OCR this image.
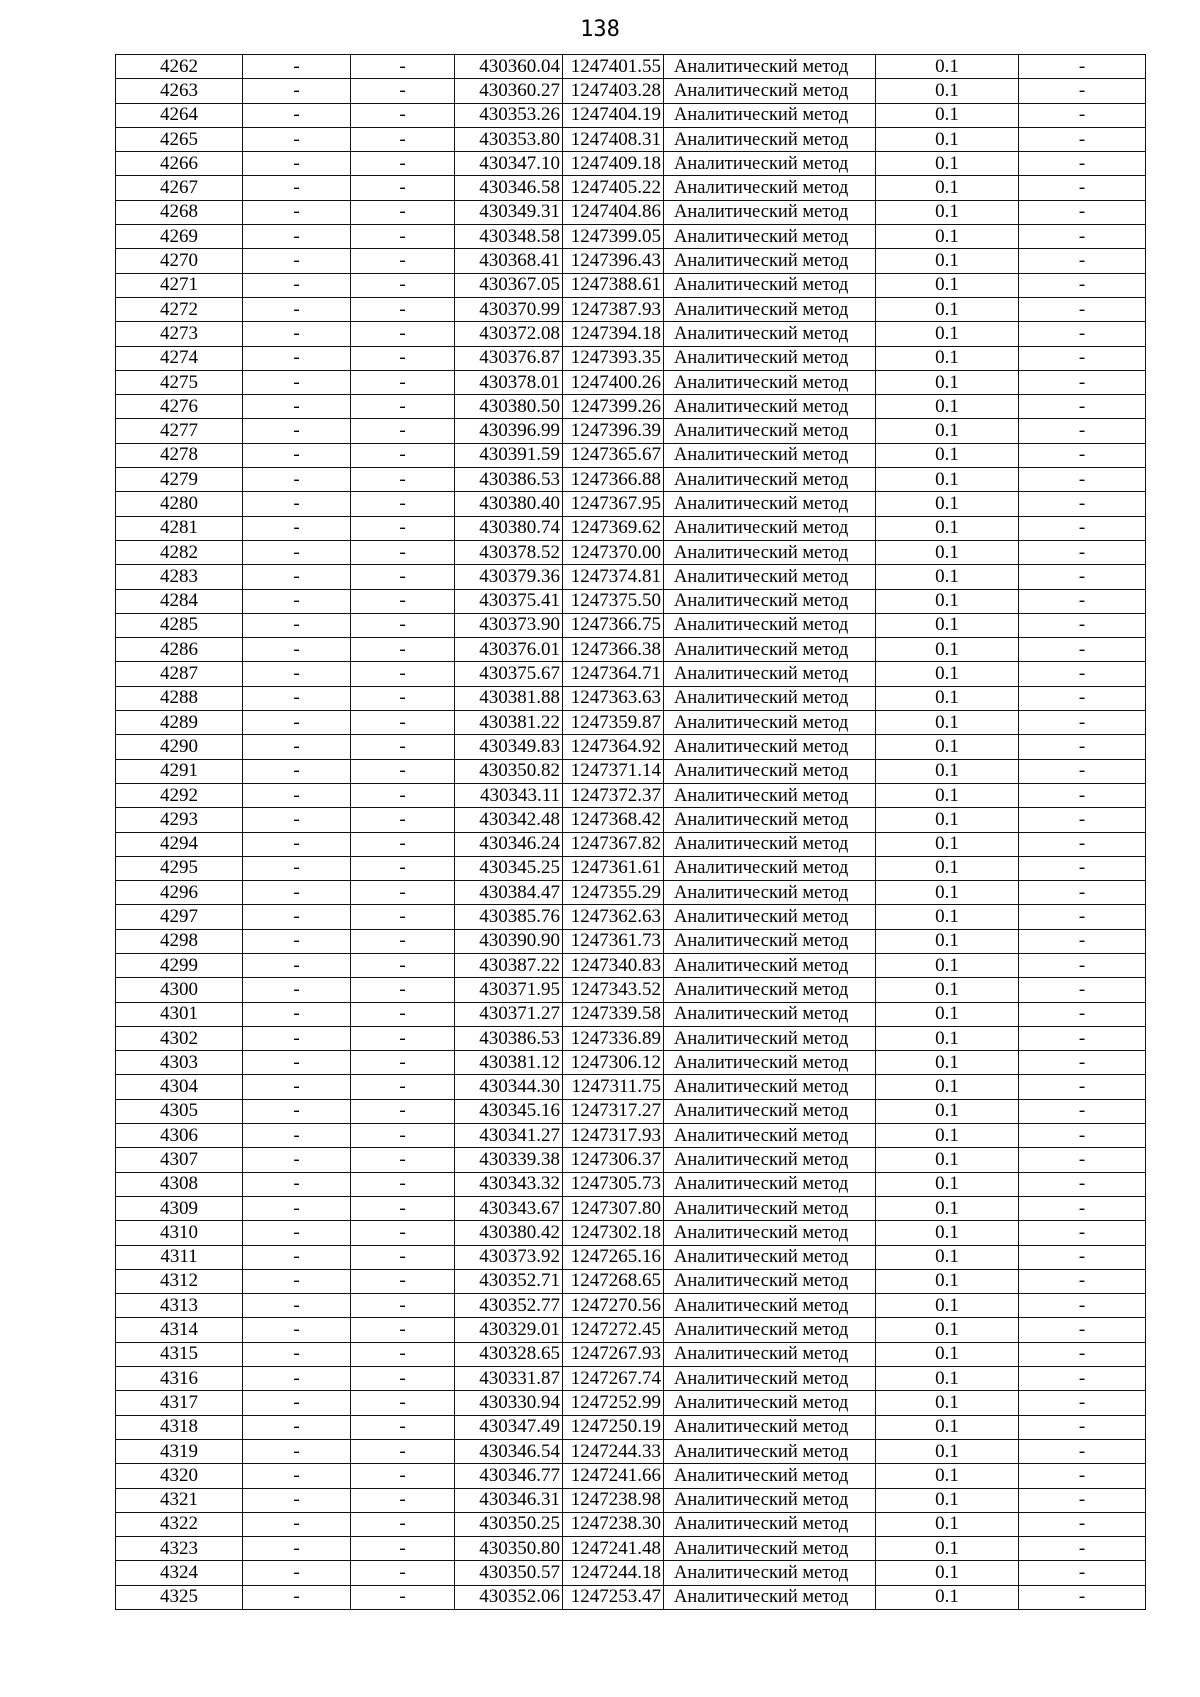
138
4262	-	-	430360.04	1247401.55	Аналитический метод	0.1	-
4263	-	-	430360.27	1247403.28	Аналитический метод	0.1	-
4264	-	-	430353.26	1247404.19	Аналитический метод	0.1	-
4265	-	-	430353.80	1247408.31	Аналитический метод	0.1	-
4266	-	-	430347.10	1247409.18	Аналитический метод	0.1	-
4267	-	-	430346.58	1247405.22	Аналитический метод	0.1	-
4268	-	-	430349.31	1247404.86	Аналитический метод	0.1	-
4269	-	-	430348.58	1247399.05	Аналитический метод	0.1	-
4270	-	-	430368.41	1247396.43	Аналитический метод	0.1	-
4271	-	-	430367.05	1247388.61	Аналитический метод	0.1	-
4272	-	-	430370.99	1247387.93	Аналитический метод	0.1	-
4273	-	-	430372.08	1247394.18	Аналитический метод	0.1	-
4274	-	-	430376.87	1247393.35	Аналитический метод	0.1	-
4275	-	-	430378.01	1247400.26	Аналитический метод	0.1	-
4276	-	-	430380.50	1247399.26	Аналитический метод	0.1	-
4277	-	-	430396.99	1247396.39	Аналитический метод	0.1	-
4278	-	-	430391.59	1247365.67	Аналитический метод	0.1	-
4279	-	-	430386.53	1247366.88	Аналитический метод	0.1	-
4280	-	-	430380.40	1247367.95	Аналитический метод	0.1	-
4281	-	-	430380.74	1247369.62	Аналитический метод	0.1	-
4282	-	-	430378.52	1247370.00	Аналитический метод	0.1	-
4283	-	-	430379.36	1247374.81	Аналитический метод	0.1	-
4284	-	-	430375.41	1247375.50	Аналитический метод	0.1	-
4285	-	-	430373.90	1247366.75	Аналитический метод	0.1	-
4286	-	-	430376.01	1247366.38	Аналитический метод	0.1	-
4287	-	-	430375.67	1247364.71	Аналитический метод	0.1	-
4288	-	-	430381.88	1247363.63	Аналитический метод	0.1	-
4289	-	-	430381.22	1247359.87	Аналитический метод	0.1	-
4290	-	-	430349.83	1247364.92	Аналитический метод	0.1	-
4291	-	-	430350.82	1247371.14	Аналитический метод	0.1	-
4292	-	-	430343.11	1247372.37	Аналитический метод	0.1	-
4293	-	-	430342.48	1247368.42	Аналитический метод	0.1	-
4294	-	-	430346.24	1247367.82	Аналитический метод	0.1	-
4295	-	-	430345.25	1247361.61	Аналитический метод	0.1	-
4296	-	-	430384.47	1247355.29	Аналитический метод	0.1	-
4297	-	-	430385.76	1247362.63	Аналитический метод	0.1	-
4298	-	-	430390.90	1247361.73	Аналитический метод	0.1	-
4299	-	-	430387.22	1247340.83	Аналитический метод	0.1	-
4300	-	-	430371.95	1247343.52	Аналитический метод	0.1	-
4301	-	-	430371.27	1247339.58	Аналитический метод	0.1	-
4302	-	-	430386.53	1247336.89	Аналитический метод	0.1	-
4303	-	-	430381.12	1247306.12	Аналитический метод	0.1	-
4304	-	-	430344.30	1247311.75	Аналитический метод	0.1	-
4305	-	-	430345.16	1247317.27	Аналитический метод	0.1	-
4306	-	-	430341.27	1247317.93	Аналитический метод	0.1	-
4307	-	-	430339.38	1247306.37	Аналитический метод	0.1	-
4308	-	-	430343.32	1247305.73	Аналитический метод	0.1	-
4309	-	-	430343.67	1247307.80	Аналитический метод	0.1	-
4310	-	-	430380.42	1247302.18	Аналитический метод	0.1	-
4311	-	-	430373.92	1247265.16	Аналитический метод	0.1	-
4312	-	-	430352.71	1247268.65	Аналитический метод	0.1	-
4313	-	-	430352.77	1247270.56	Аналитический метод	0.1	-
4314	-	-	430329.01	1247272.45	Аналитический метод	0.1	-
4315	-	-	430328.65	1247267.93	Аналитический метод	0.1	-
4316	-	-	430331.87	1247267.74	Аналитический метод	0.1	-
4317	-	-	430330.94	1247252.99	Аналитический метод	0.1	-
4318	-	-	430347.49	1247250.19	Аналитический метод	0.1	-
4319	-	-	430346.54	1247244.33	Аналитический метод	0.1	-
4320	-	-	430346.77	1247241.66	Аналитический метод	0.1	-
4321	-	-	430346.31	1247238.98	Аналитический метод	0.1	-
4322	-	-	430350.25	1247238.30	Аналитический метод	0.1	-
4323	-	-	430350.80	1247241.48	Аналитический метод	0.1	-
4324	-	-	430350.57	1247244.18	Аналитический метод	0.1	-
4325	-	-	430352.06	1247253.47	Аналитический метод	0.1	-
